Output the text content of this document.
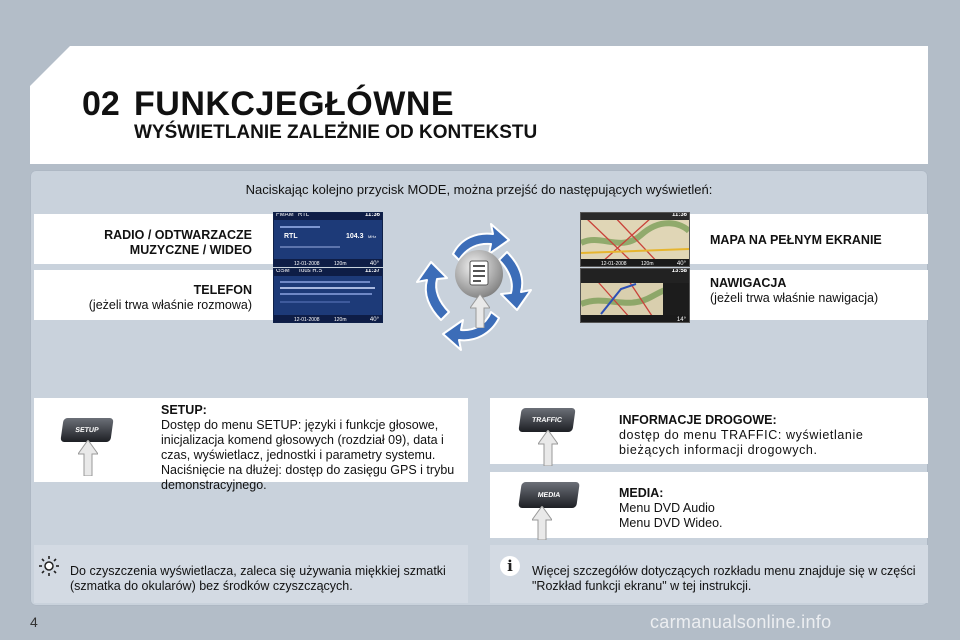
02 FUNKCJEGŁÓWNE
WYŚWIETLANIE ZALEŻNIE OD KONTEKSTU
Naciskając kolejno przycisk MODE, można przejść do następujących wyświetleń:
RADIO / ODTWARZACZE
MUZYCZNE / WIDEO
TELEFON
(jeżeli trwa właśnie rozmowa)
FMAM RTL	11:36
RTL	104.3 MHz
12-01-2008	120m	40°
GSM Tous R.S	11:37
12-01-2008	120m	40°
MAPA NA PEŁNYM EKRANIE
NAWIGACJA
(jeżeli trwa właśnie nawigacja)
11:36
12-01-2008	120m	40°
13:58
14°
SETUP
SETUP:
Dostęp do menu SETUP: języki i funkcje głosowe,
inicjalizacja komend głosowych (rozdział 09), data i
czas, wyświetlacz, jednostki i parametry systemu.
Naciśnięcie na dłużej: dostęp do zasięgu GPS i trybu
demonstracyjnego.
TRAFFIC	INFORMACJE DROGOWE:
dostęp do menu TRAFFIC: wyświetlanie
bieżących informacji drogowych.
MEDIA	MEDIA:
Menu DVD Audio
Menu DVD Wideo.
Do czyszczenia wyświetlacza, zaleca się używania miękkiej szmatki
(szmatka do okularów) bez środków czyszczących.
i	Więcej szczegółów dotyczących rozkładu menu znajduje się w części
"Rozkład funkcji ekranu" w tej instrukcji.
4	carmanualsonline.info
